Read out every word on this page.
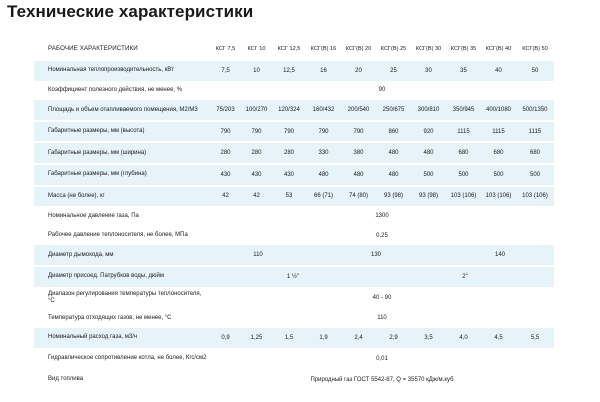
Технические характеристики
РАБОЧИЕ ХАРАКТЕРИСТИКИ	КСГ 7,5	КСГ 10	КСГ 12,5	КСГ(В) 16	КСГ(В) 20	КСГ(В) 25	КСГ(В) 30	КСГ(В) 35	КСГ(В) 40	КСГ(В) 50
Номинальная теплопроизводительность, кВт	7,5	10	12,5	16	20	25	30	35	40	50
Коэффициент полезного действия, не менее, %	90									
Площадь и объем отапливаемого помещения, М2/М3	75/203	100/270	120/324	160/432	200/540	250/675	300/810	350/945	400/1080	500/1350
Габаритные размеры, мм (высота)	790	790	790	790	790	860	920	1115	1115	1115
Габаритные размеры, мм (ширина)	280	280	280	330	380	480	480	680	680	680
Габаритные размеры, мм (глубина)	430	430	430	480	480	480	500	500	500	500
Масса (не более), кг	42	42	53	66 (71)	74 (80)	93 (98)	93 (98)	103 (106)	103 (106)	103 (106)
Номинальное давление газа, Па	1300									
Рабочее давление теплоносителя, не более, МПа	0,25									
Диаметр дымохода, мм	110			130				140		
Диаметр присоед. Патрубков воды, дюйм	1 ½"					2"				
Диапазон регулирования температуры теплоносителя, °С	40 - 90									
Температура отходящих газов, не менее, °С	110									
Номинальный расход газа, м3/ч	0,9	1,25	1,5	1,9	2,4	2,9	3,5	4,0	4,5	5,5
Гидравлическое сопротивление котла, не более, Кгс/см2	0,01									
Вид топлива	Природный газ ГОСТ 5542-87, Q = 35570 кДж/м.куб									
